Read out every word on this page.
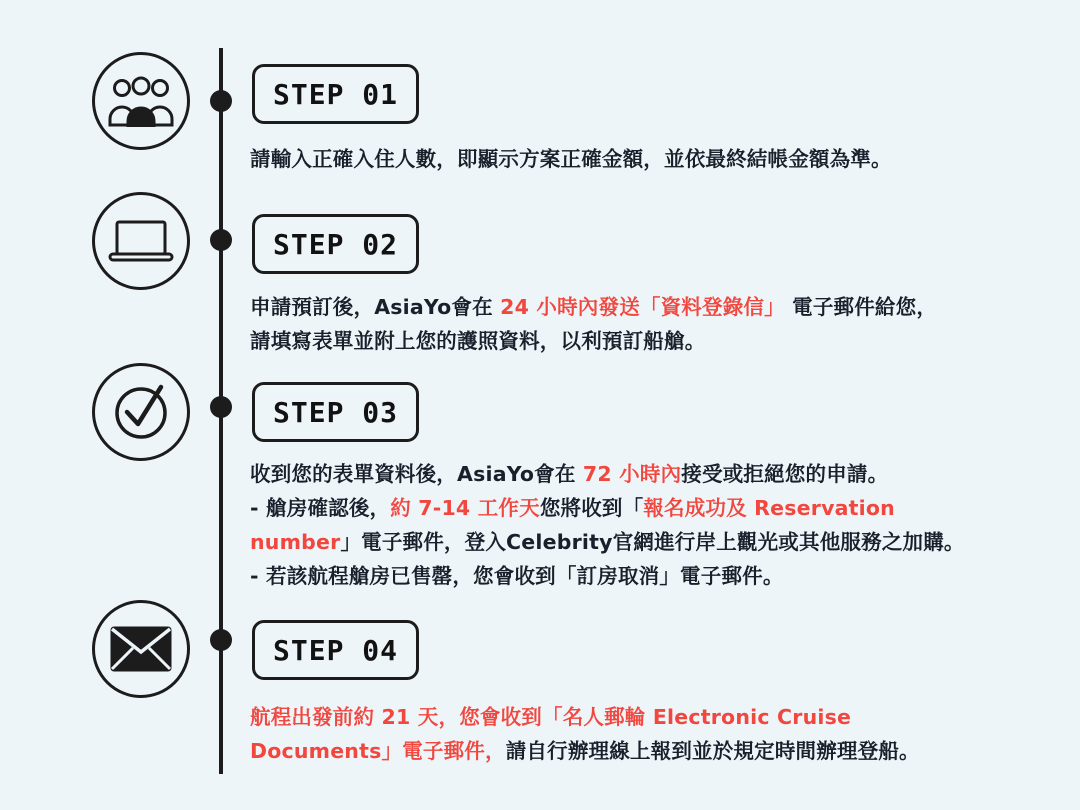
STEP 01
請輸入正確入住人數，即顯示方案正確金額，並依最終結帳金額為準。
STEP 02
申請預訂後，AsiaYo會在 24 小時內發送「資料登錄信」 電子郵件給您，
請填寫表單並附上您的護照資料，以利預訂船艙。
STEP 03
收到您的表單資料後，AsiaYo會在 72 小時內接受或拒絕您的申請。
- 艙房確認後，約 7-14 工作天您將收到「報名成功及 Reservation
number」電子郵件，登入Celebrity官網進行岸上觀光或其他服務之加購。
- 若該航程艙房已售罄，您會收到「訂房取消」電子郵件。
STEP 04
航程出發前約 21 天，您會收到「名人郵輪 Electronic Cruise
Documents」電子郵件，請自行辦理線上報到並於規定時間辦理登船。
